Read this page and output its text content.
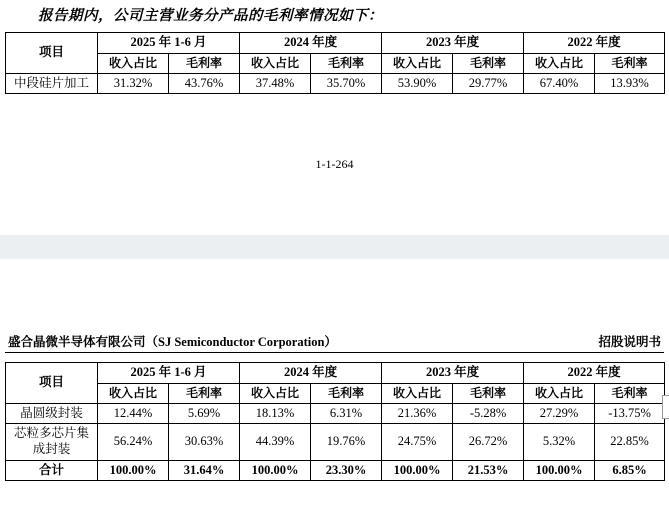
报告期内，公司主营业务分产品的毛利率情况如下：
项目	2025 年 1-6 月		2024 年度		2023 年度		2022 年度	
	收入占比	毛利率	收入占比	毛利率	收入占比	毛利率	收入占比	毛利率
中段硅片加工	31.32%	43.76%	37.48%	35.70%	53.90%	29.77%	67.40%	13.93%
1-1-264
盛合晶微半导体有限公司（SJ Semiconductor Corporation）	招股说明书
项目	2025 年 1-6 月		2024 年度		2023 年度		2022 年度	
	收入占比	毛利率	收入占比	毛利率	收入占比	毛利率	收入占比	毛利率
晶圆级封装	12.44%	5.69%	18.13%	6.31%	21.36%	-5.28%	27.29%	-13.75%
芯粒多芯片集成封装	56.24%	30.63%	44.39%	19.76%	24.75%	26.72%	5.32%	22.85%
合计	100.00%	31.64%	100.00%	23.30%	100.00%	21.53%	100.00%	6.85%
